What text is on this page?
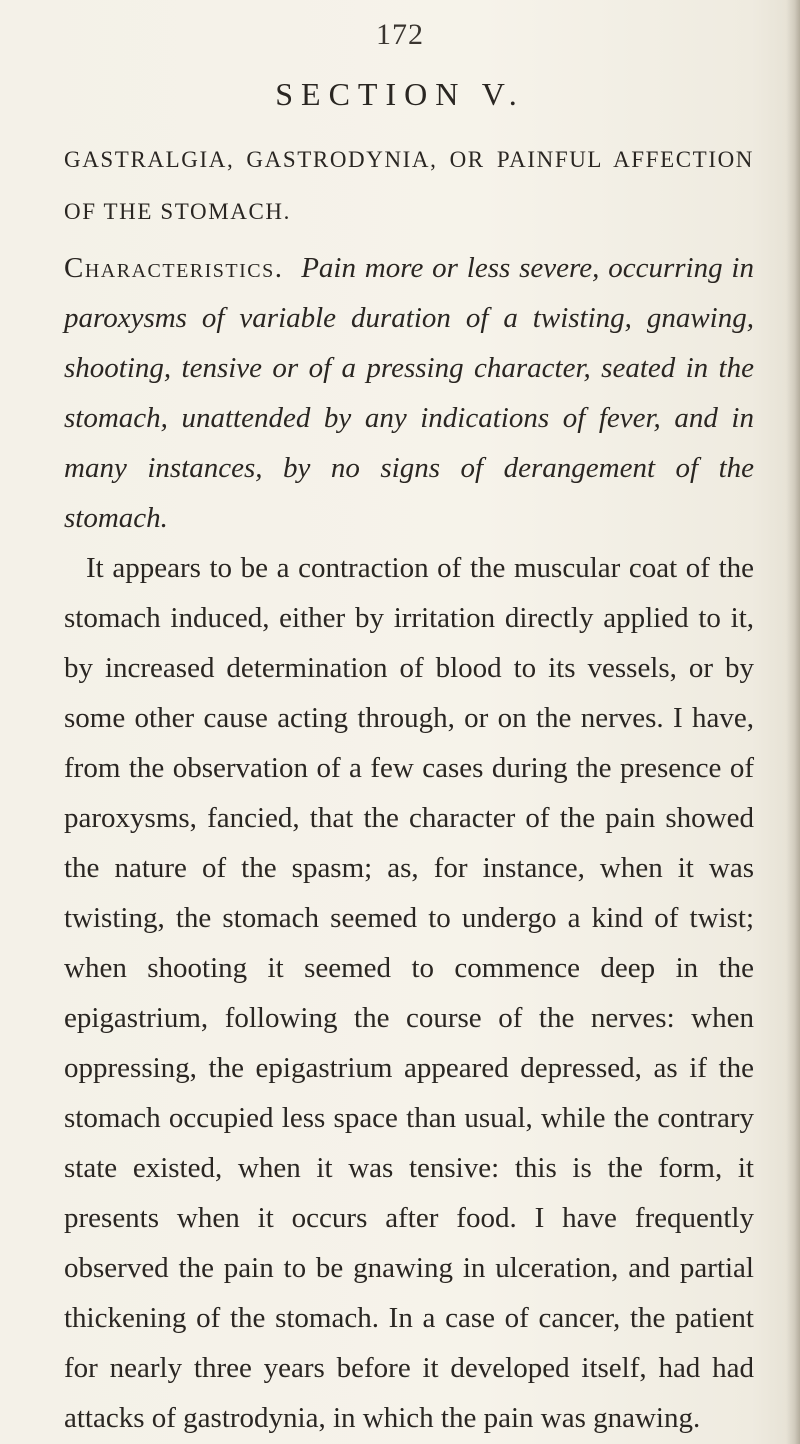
172
SECTION V.
GASTRALGIA, GASTRODYNIA, OR PAINFUL AFFECTION OF THE STOMACH.

Characteristics. Pain more or less severe, occurring in paroxysms of variable duration of a twisting, gnawing, shooting, tensive or of a pressing character, seated in the stomach, unattended by any indications of fever, and in many instances, by no signs of derangement of the stomach.

It appears to be a contraction of the muscular coat of the stomach induced, either by irritation directly applied to it, by increased determination of blood to its vessels, or by some other cause acting through, or on the nerves. I have, from the observation of a few cases during the presence of paroxysms, fancied, that the character of the pain showed the nature of the spasm; as, for instance, when it was twisting, the stomach seemed to undergo a kind of twist; when shooting it seemed to commence deep in the epigastrium, following the course of the nerves: when oppressing, the epigastrium appeared depressed, as if the stomach occupied less space than usual, while the contrary state existed, when it was tensive: this is the form, it presents when it occurs after food. I have frequently observed the pain to be gnawing in ulceration, and partial thickening of the stomach. In a case of cancer, the patient for nearly three years before it developed itself, had had attacks of gastrodynia, in which the pain was gnawing.
